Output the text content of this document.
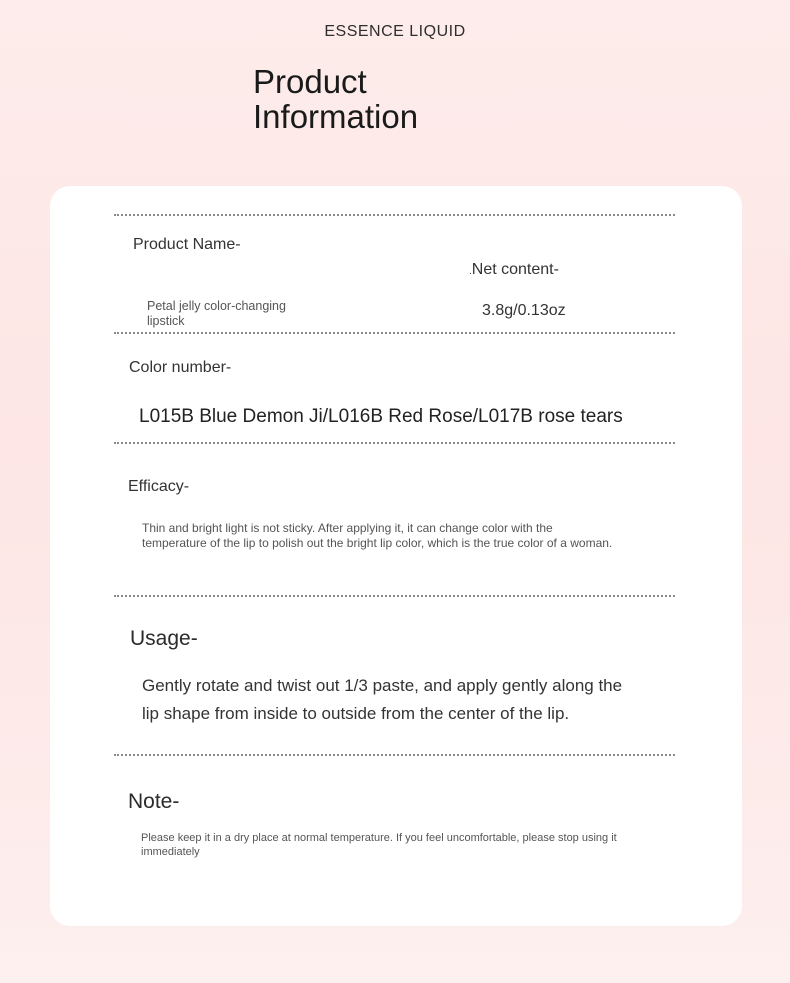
ESSENCE LIQUID
Product
Information

Product Name-

.Net content-

Petal jelly color-changing lipstick

3.8g/0.13oz

Color number-

L015B Blue Demon Ji/L016B Red Rose/L017B rose tears

Efficacy-

Thin and bright light is not sticky. After applying it, it can change color with the temperature of the lip to polish out the bright lip color, which is the true color of a woman.

Usage-

Gently rotate and twist out 1/3 paste, and apply gently along the lip shape from inside to outside from the center of the lip.

Note-

Please keep it in a dry place at normal temperature. If you feel uncomfortable, please stop using it immediately
